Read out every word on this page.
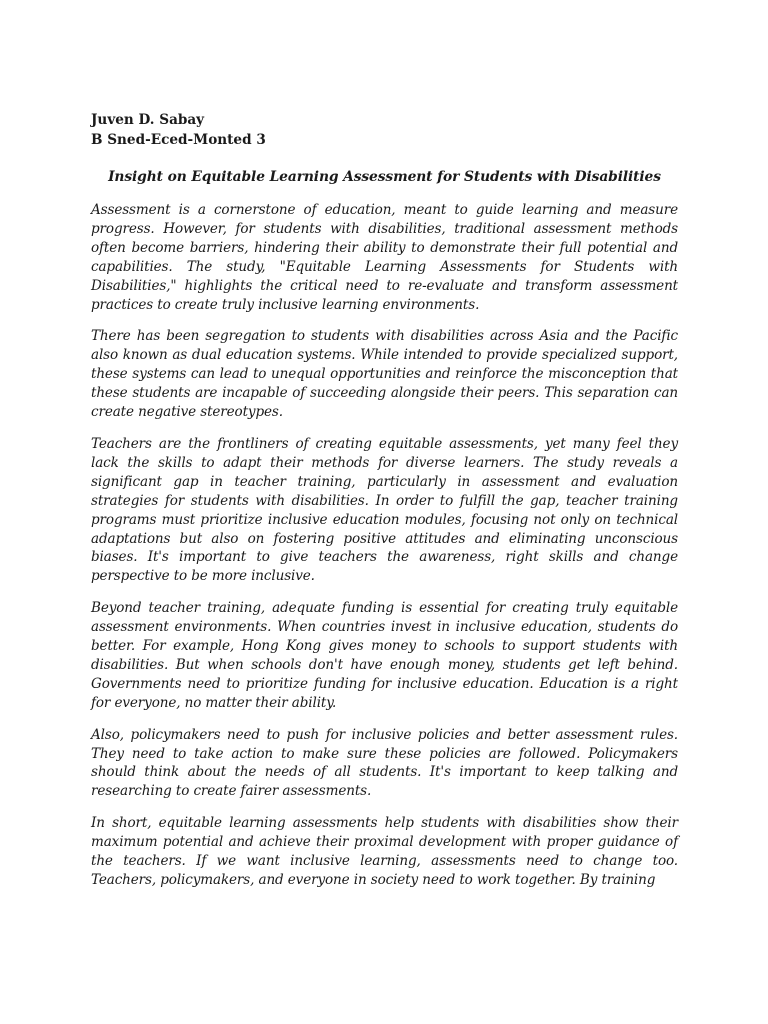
Juven D. Sabay
B Sned-Eced-Monted 3
Insight on Equitable Learning Assessment for Students with Disabilities

Assessment is a cornerstone of education, meant to guide learning and measure progress. However, for students with disabilities, traditional assessment methods often become barriers, hindering their ability to demonstrate their full potential and capabilities. The study, "Equitable Learning Assessments for Students with Disabilities," highlights the critical need to re-evaluate and transform assessment practices to create truly inclusive learning environments.

There has been segregation to students with disabilities across Asia and the Pacific also known as dual education systems. While intended to provide specialized support, these systems can lead to unequal opportunities and reinforce the misconception that these students are incapable of succeeding alongside their peers. This separation can create negative stereotypes.

Teachers are the frontliners of creating equitable assessments, yet many feel they lack the skills to adapt their methods for diverse learners. The study reveals a significant gap in teacher training, particularly in assessment and evaluation strategies for students with disabilities. In order to fulfill the gap, teacher training programs must prioritize inclusive education modules, focusing not only on technical adaptations but also on fostering positive attitudes and eliminating unconscious biases. It's important to give teachers the awareness, right skills and change perspective to be more inclusive.

Beyond teacher training, adequate funding is essential for creating truly equitable assessment environments. When countries invest in inclusive education, students do better. For example, Hong Kong gives money to schools to support students with disabilities. But when schools don't have enough money, students get left behind. Governments need to prioritize funding for inclusive education. Education is a right for everyone, no matter their ability.

Also, policymakers need to push for inclusive policies and better assessment rules. They need to take action to make sure these policies are followed. Policymakers should think about the needs of all students. It's important to keep talking and researching to create fairer assessments.

In short, equitable learning assessments help students with disabilities show their maximum potential and achieve their proximal development with proper guidance of the teachers. If we want inclusive learning, assessments need to change too. Teachers, policymakers, and everyone in society need to work together. By training
